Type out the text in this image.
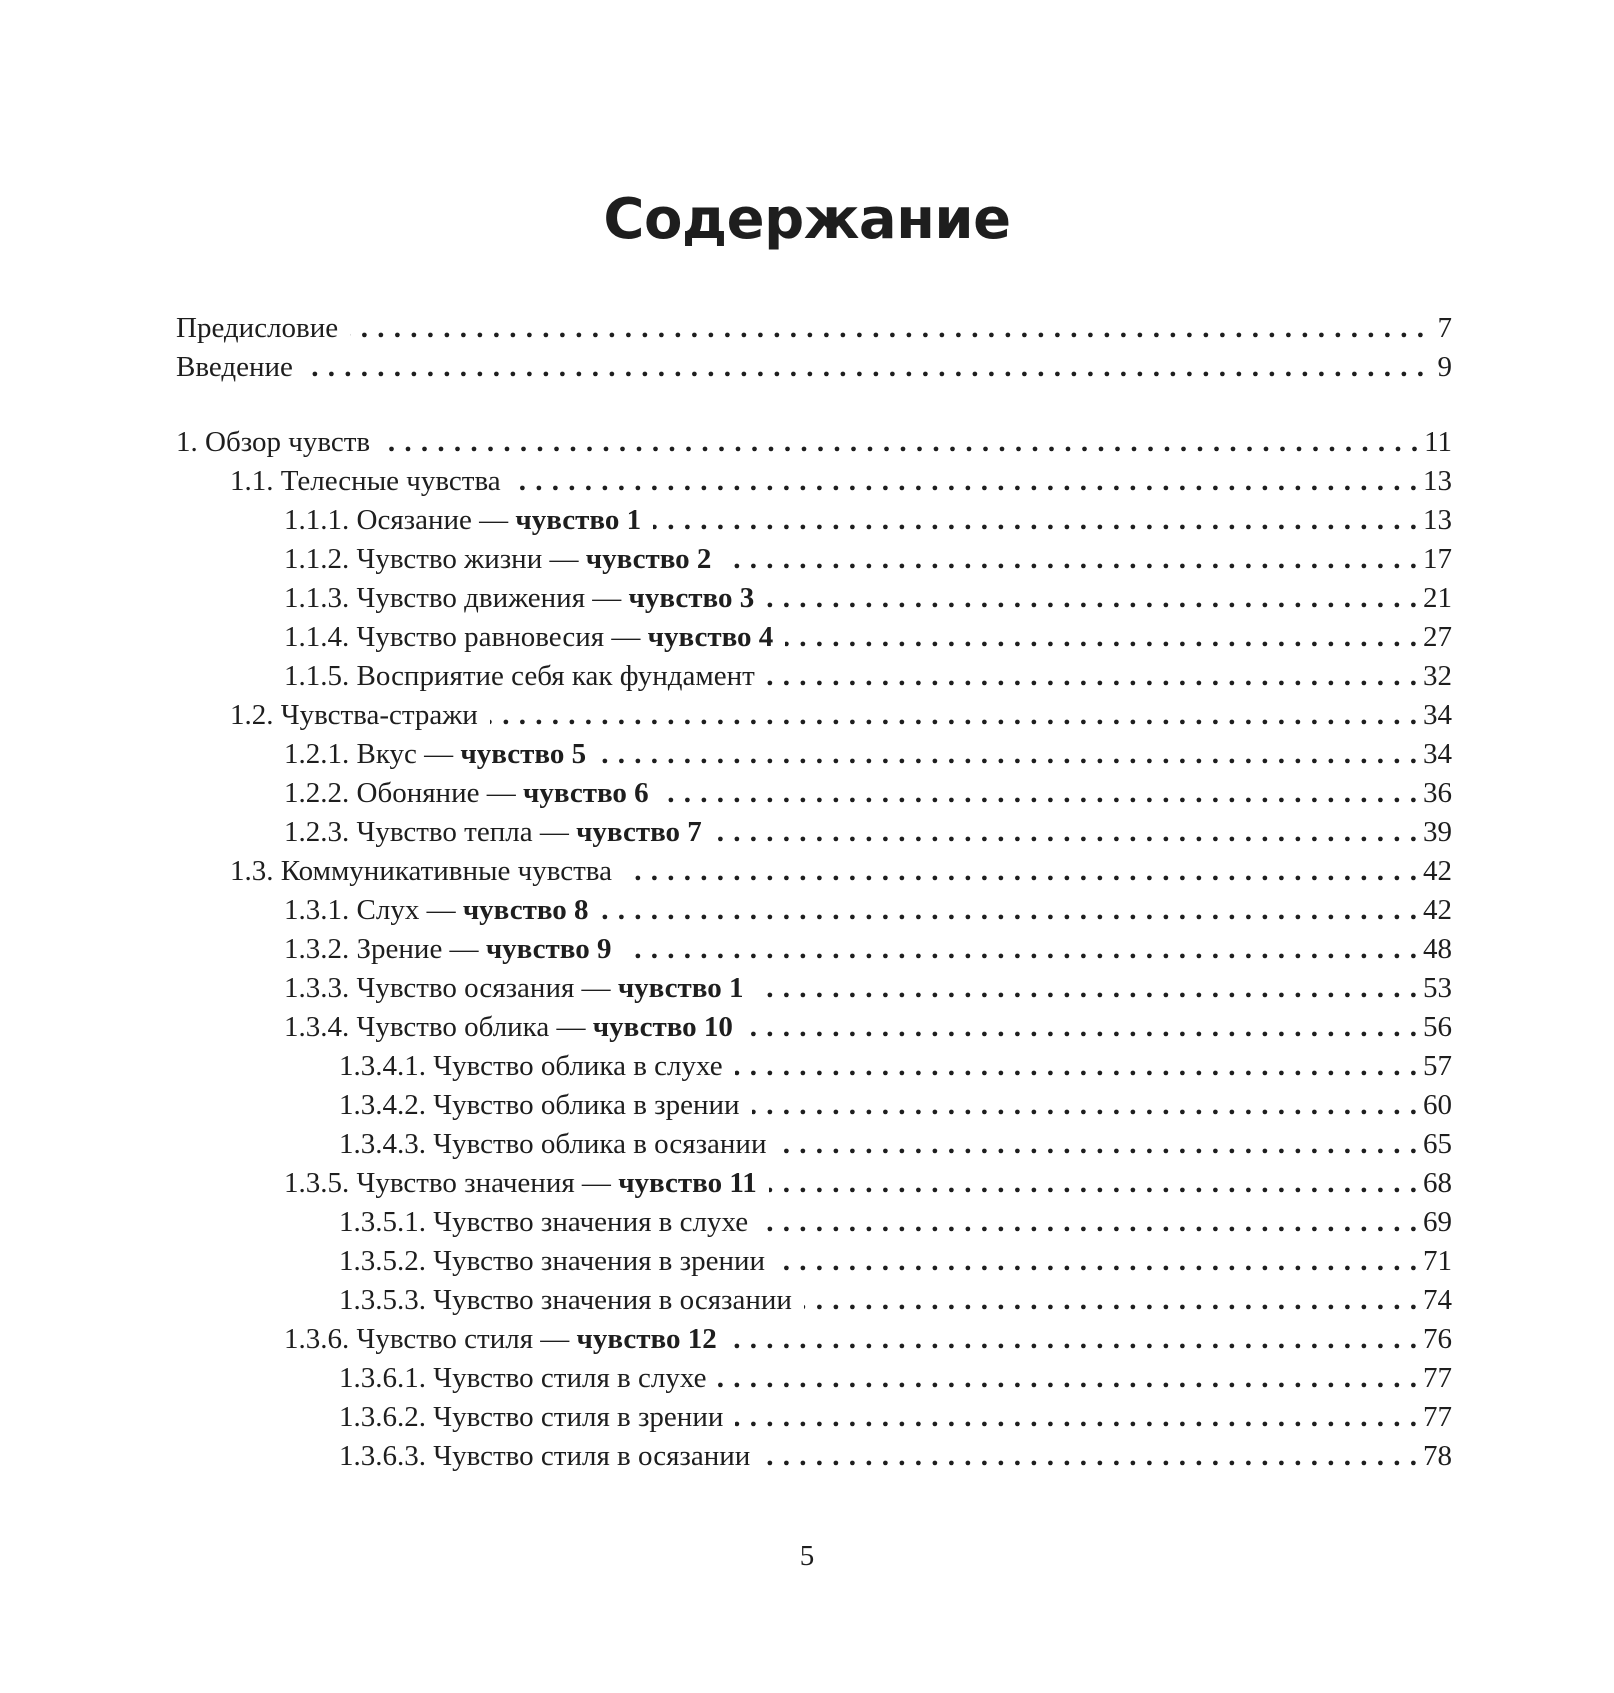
Содержание
Предисловие . . .	7
Введение . . .	9
1. Обзор чувств . . .	11
1.1. Телесные чувства . . .	13
1.1.1. Осязание — чувство 1 . . .	13
1.1.2. Чувство жизни — чувство 2 . . .	17
1.1.3. Чувство движения — чувство 3 . . .	21
1.1.4. Чувство равновесия — чувство 4 . . .	27
1.1.5. Восприятие себя как фундамент . . .	32
1.2. Чувства-стражи . . .	34
1.2.1. Вкус — чувство 5 . . .	34
1.2.2. Обоняние — чувство 6 . . .	36
1.2.3. Чувство тепла — чувство 7 . . .	39
1.3. Коммуникативные чувства . . .	42
1.3.1. Слух — чувство 8 . . .	42
1.3.2. Зрение — чувство 9 . . .	48
1.3.3. Чувство осязания — чувство 1 . . .	53
1.3.4. Чувство облика — чувство 10 . . .	56
1.3.4.1. Чувство облика в слухе . . .	57
1.3.4.2. Чувство облика в зрении . . .	60
1.3.4.3. Чувство облика в осязании . . .	65
1.3.5. Чувство значения — чувство 11 . . .	68
1.3.5.1. Чувство значения в слухе . . .	69
1.3.5.2. Чувство значения в зрении . . .	71
1.3.5.3. Чувство значения в осязании . . .	74
1.3.6. Чувство стиля — чувство 12 . . .	76
1.3.6.1. Чувство стиля в слухе . . .	77
1.3.6.2. Чувство стиля в зрении . . .	77
1.3.6.3. Чувство стиля в осязании . . .	78
5
